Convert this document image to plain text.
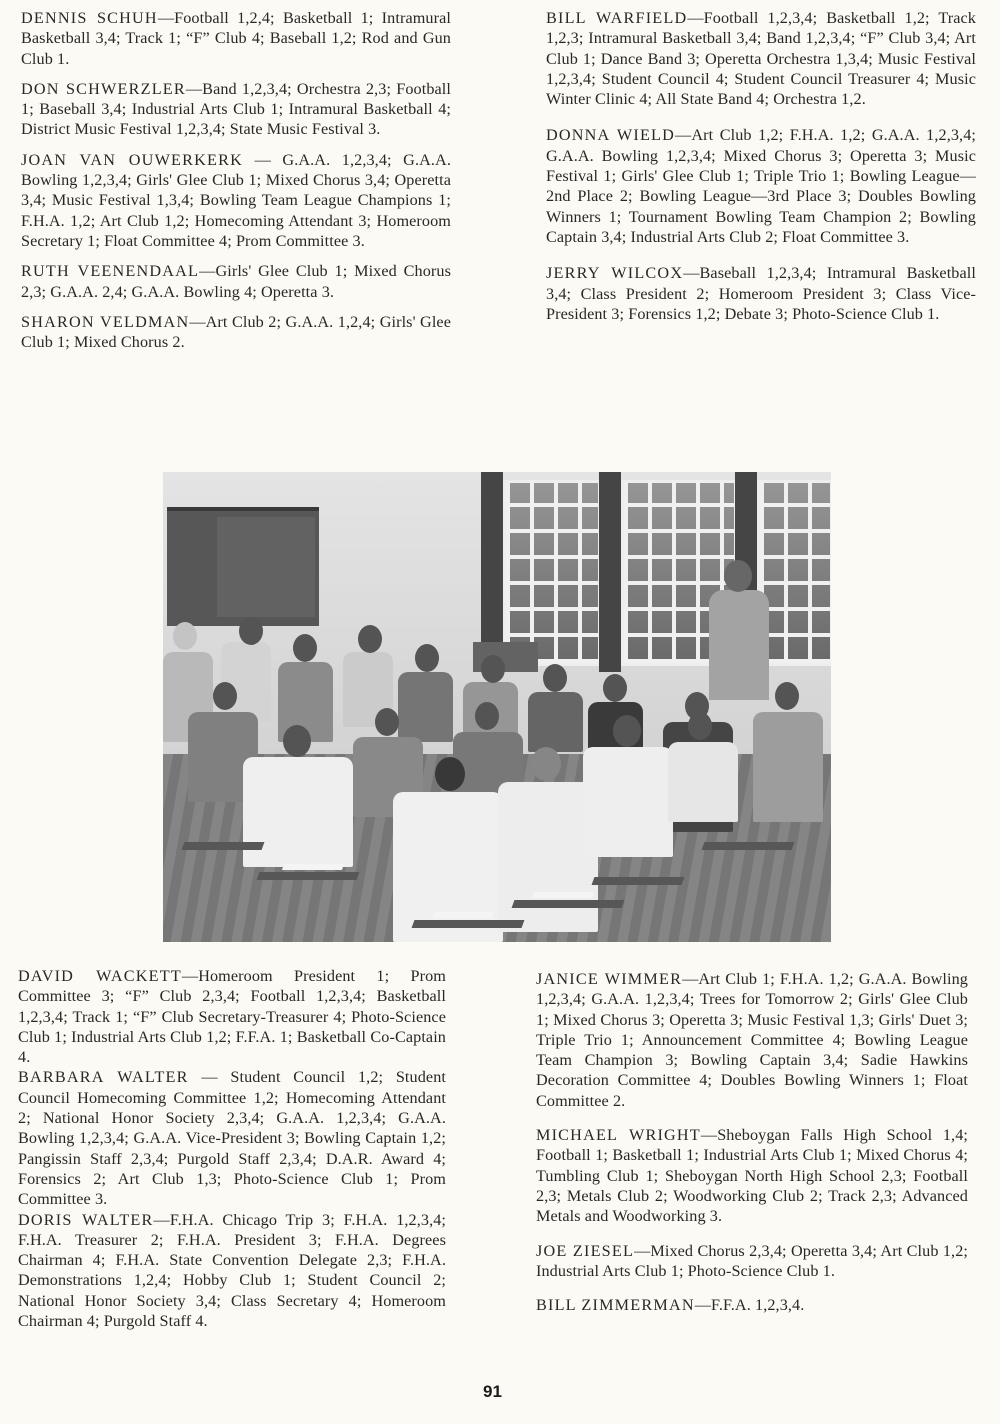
DENNIS SCHUH—Football 1,2,4; Basketball 1; Intramural Basketball 3,4; Track 1; “F” Club 4; Baseball 1,2; Rod and Gun Club 1.

DON SCHWERZLER—Band 1,2,3,4; Orchestra 2,3; Football 1; Baseball 3,4; Industrial Arts Club 1; Intramural Basketball 4; District Music Festival 1,2,3,4; State Music Festival 3.

JOAN VAN OUWERKERK — G.A.A. 1,2,3,4; G.A.A. Bowling 1,2,3,4; Girls' Glee Club 1; Mixed Chorus 3,4; Operetta 3,4; Music Festival 1,3,4; Bowling Team League Champions 1; F.H.A. 1,2; Art Club 1,2; Homecoming Attendant 3; Homeroom Secretary 1; Float Committee 4; Prom Committee 3.

RUTH VEENENDAAL—Girls' Glee Club 1; Mixed Chorus 2,3; G.A.A. 2,4; G.A.A. Bowling 4; Operetta 3.

SHARON VELDMAN—Art Club 2; G.A.A. 1,2,4; Girls' Glee Club 1; Mixed Chorus 2.

BILL WARFIELD—Football 1,2,3,4; Basketball 1,2; Track 1,2,3; Intramural Basketball 3,4; Band 1,2,3,4; “F” Club 3,4; Art Club 1; Dance Band 3; Operetta Orchestra 1,3,4; Music Festival 1,2,3,4; Student Council 4; Student Council Treasurer 4; Music Winter Clinic 4; All State Band 4; Orchestra 1,2.

DONNA WIELD—Art Club 1,2; F.H.A. 1,2; G.A.A. 1,2,3,4; G.A.A. Bowling 1,2,3,4; Mixed Chorus 3; Operetta 3; Music Festival 1; Girls' Glee Club 1; Triple Trio 1; Bowling League—2nd Place 2; Bowling League—3rd Place 3; Doubles Bowling Winners 1; Tournament Bowling Team Champion 2; Bowling Captain 3,4; Industrial Arts Club 2; Float Committee 3.

JERRY WILCOX—Baseball 1,2,3,4; Intramural Basketball 3,4; Class President 2; Homeroom President 3; Class Vice-President 3; Forensics 1,2; Debate 3; Photo-Science Club 1.

DAVID WACKETT—Homeroom President 1; Prom Committee 3; “F” Club 2,3,4; Football 1,2,3,4; Basketball 1,2,3,4; Track 1; “F” Club Secretary-Treasurer 4; Photo-Science Club 1; Industrial Arts Club 1,2; F.F.A. 1; Basketball Co-Captain 4.

BARBARA WALTER — Student Council 1,2; Student Council Homecoming Committee 1,2; Homecoming Attendant 2; National Honor Society 2,3,4; G.A.A. 1,2,3,4; G.A.A. Bowling 1,2,3,4; G.A.A. Vice-President 3; Bowling Captain 1,2; Pangissin Staff 2,3,4; Purgold Staff 2,3,4; D.A.R. Award 4; Forensics 2; Art Club 1,3; Photo-Science Club 1; Prom Committee 3.

DORIS WALTER—F.H.A. Chicago Trip 3; F.H.A. 1,2,3,4; F.H.A. Treasurer 2; F.H.A. President 3; F.H.A. Degrees Chairman 4; F.H.A. State Convention Delegate 2,3; F.H.A. Demonstrations 1,2,4; Hobby Club 1; Student Council 2; National Honor Society 3,4; Class Secretary 4; Homeroom Chairman 4; Purgold Staff 4.

JANICE WIMMER—Art Club 1; F.H.A. 1,2; G.A.A. Bowling 1,2,3,4; G.A.A. 1,2,3,4; Trees for Tomorrow 2; Girls' Glee Club 1; Mixed Chorus 3; Operetta 3; Music Festival 1,3; Girls' Duet 3; Triple Trio 1; Announcement Committee 4; Bowling League Team Champion 3; Bowling Captain 3,4; Sadie Hawkins Decoration Committee 4; Doubles Bowling Winners 1; Float Committee 2.

MICHAEL WRIGHT—Sheboygan Falls High School 1,4; Football 1; Basketball 1; Industrial Arts Club 1; Mixed Chorus 4; Tumbling Club 1; Sheboygan North High School 2,3; Football 2,3; Metals Club 2; Woodworking Club 2; Track 2,3; Advanced Metals and Woodworking 3.

JOE ZIESEL—Mixed Chorus 2,3,4; Operetta 3,4; Art Club 1,2; Industrial Arts Club 1; Photo-Science Club 1.

BILL ZIMMERMAN—F.F.A. 1,2,3,4.

91
